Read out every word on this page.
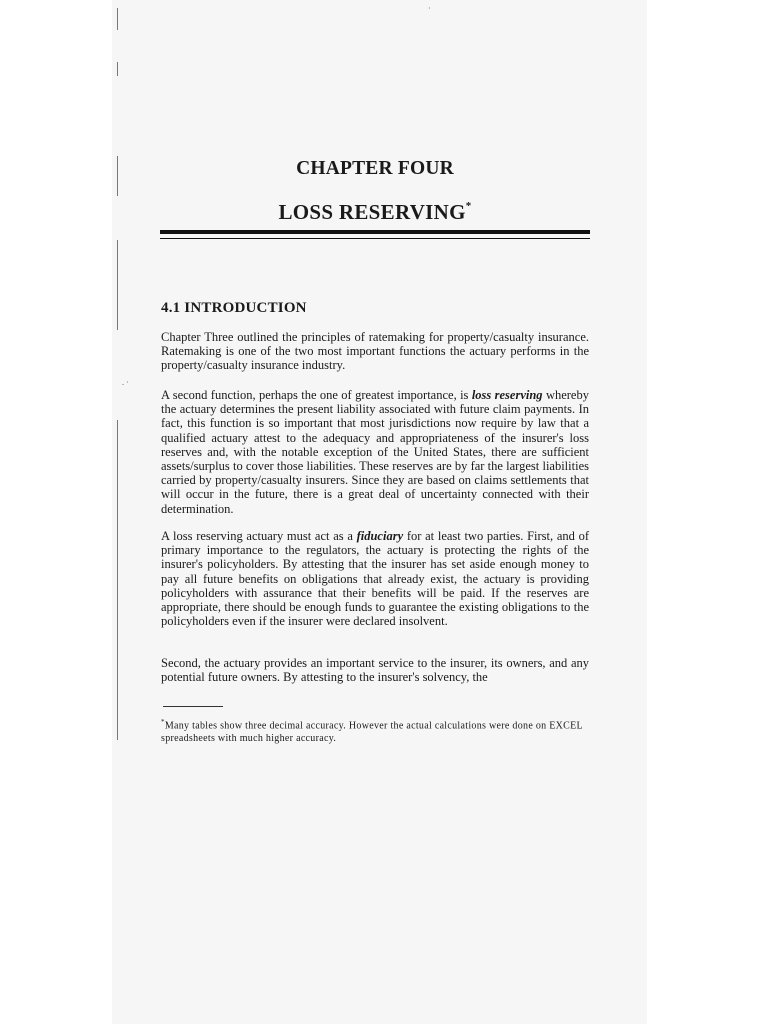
. ·
·
CHAPTER FOUR
LOSS RESERVING*
4.1 INTRODUCTION

Chapter Three outlined the principles of ratemaking for property/casualty insurance. Ratemaking is one of the two most important functions the actuary performs in the property/casualty insurance industry.

A second function, perhaps the one of greatest importance, is loss reserving whereby the actuary determines the present liability associated with future claim payments. In fact, this function is so important that most jurisdictions now require by law that a qualified actuary attest to the adequacy and appropriateness of the insurer's loss reserves and, with the notable exception of the United States, there are sufficient assets/surplus to cover those liabilities. These reserves are by far the largest liabilities carried by property/casualty insurers. Since they are based on claims settlements that will occur in the future, there is a great deal of uncertainty connected with their determination.

A loss reserving actuary must act as a fiduciary for at least two parties. First, and of primary importance to the regulators, the actuary is protecting the rights of the insurer's policyholders. By attesting that the insurer has set aside enough money to pay all future benefits on obligations that already exist, the actuary is providing policyholders with assurance that their benefits will be paid. If the reserves are appropriate, there should be enough funds to guarantee the existing obligations to the policyholders even if the insurer were declared insolvent.

Second, the actuary provides an important service to the insurer, its owners, and any potential future owners. By attesting to the insurer's solvency, the

*Many tables show three decimal accuracy. However the actual calculations were done on EXCEL spreadsheets with much higher accuracy.
